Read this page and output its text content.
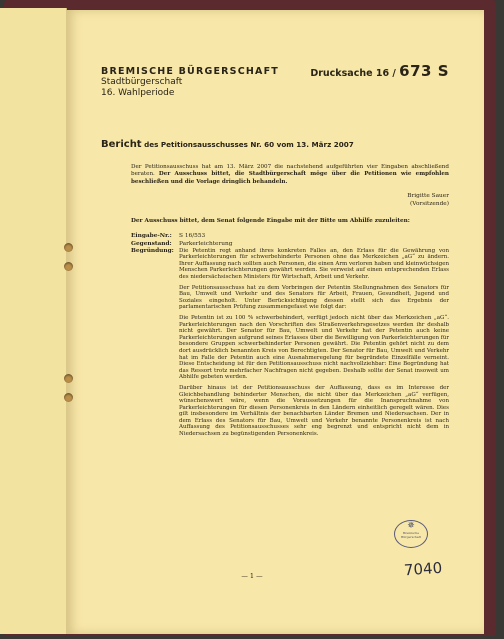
BREMISCHE BÜRGERSCHAFT
Stadtbürgerschaft
16. Wahlperiode
Drucksache 16 / 673 S
Bericht des Petitionsausschusses Nr. 60 vom 13. März 2007

Der Petitionsausschuss hat am 13. März 2007 die nachstehend aufgeführten vier Eingaben abschließend beraten. Der Ausschuss bittet, die Stadtbürgerschaft möge über die Petitionen wie empfohlen beschließen und die Vorlage dringlich behandeln.

Brigitte Sauer
(Vorsitzende)

Der Ausschuss bittet, dem Senat folgende Eingabe mit der Bitte um Abhilfe zuzuleiten:

Eingabe-Nr.:	S 16/553
Gegenstand:	Parkerleichterung
Begründung: Die Petentin regt anhand ihres konkreten Falles an, den Erlass für die Gewährung von Parkerleichterungen für schwerbehinderte Personen ohne das Merkzeichen „aG“ zu ändern. Ihrer Auffassung nach sollten auch Personen, die einen Arm verloren haben und kleinwüchsigen Menschen Parkerleichterungen gewährt werden. Sie verweist auf einen entsprechenden Erlass des niedersächsischen Ministers für Wirtschaft, Arbeit und Verkehr.

Der Petitionsausschuss hat zu dem Vorbringen der Petentin Stellungnahmen des Senators für Bau, Umwelt und Verkehr und des Senators für Arbeit, Frauen, Gesundheit, Jugend und Soziales eingeholt. Unter Berücksichtigung dessen stellt sich das Ergebnis der parlamentarischen Prüfung zusammengefasst wie folgt dar:

Die Petentin ist zu 100 % schwerbehindert, verfügt jedoch nicht über das Merkzeichen „aG“. Parkerleichterungen nach den Vorschriften des Straßenverkehrsgesetzes werden ihr deshalb nicht gewährt. Der Senator für Bau, Umwelt und Verkehr hat der Petentin auch keine Parkerleichterungen aufgrund seines Erlasses über die Bewilligung von Parkerleichterungen für besondere Gruppen schwerbehinderter Personen gewährt. Die Petentin gehört nicht zu dem dort ausdrücklich benannten Kreis von Berechtigten. Der Senator für Bau, Umwelt und Verkehr hat im Falle der Petentin auch eine Ausnahmeregelung für begründete Einzelfälle verneint. Diese Entscheidung ist für den Petitionsausschuss nicht nachvollziehbar: Eine Begründung hat das Ressort trotz mehrfacher Nachfragen nicht gegeben. Deshalb sollte der Senat insoweit um Abhilfe gebeten werden.

Darüber hinaus ist der Petitionsausschuss der Auffassung, dass es im Interesse der Gleichbehandlung behinderter Menschen, die nicht über das Merkzeichen „aG“ verfügen, wünschenswert wäre, wenn die Voraussetzungen für die Inanspruchnahme von Parkerleichterungen für diesen Personenkreis in den Ländern einheitlich geregelt wären. Dies gilt insbesondere im Verhältnis der benachbarten Länder Bremen und Niedersachsen. Der in dem Erlass des Senators für Bau, Umwelt und Verkehr benannte Personenkreis ist nach Auffassung des Petitionsausschusses sehr eng begrenzt und entspricht nicht dem in Niedersachsen zu begünstigenden Personenkreis.

— 1 —
✵
Bremische
Bürgerschaft
7040
